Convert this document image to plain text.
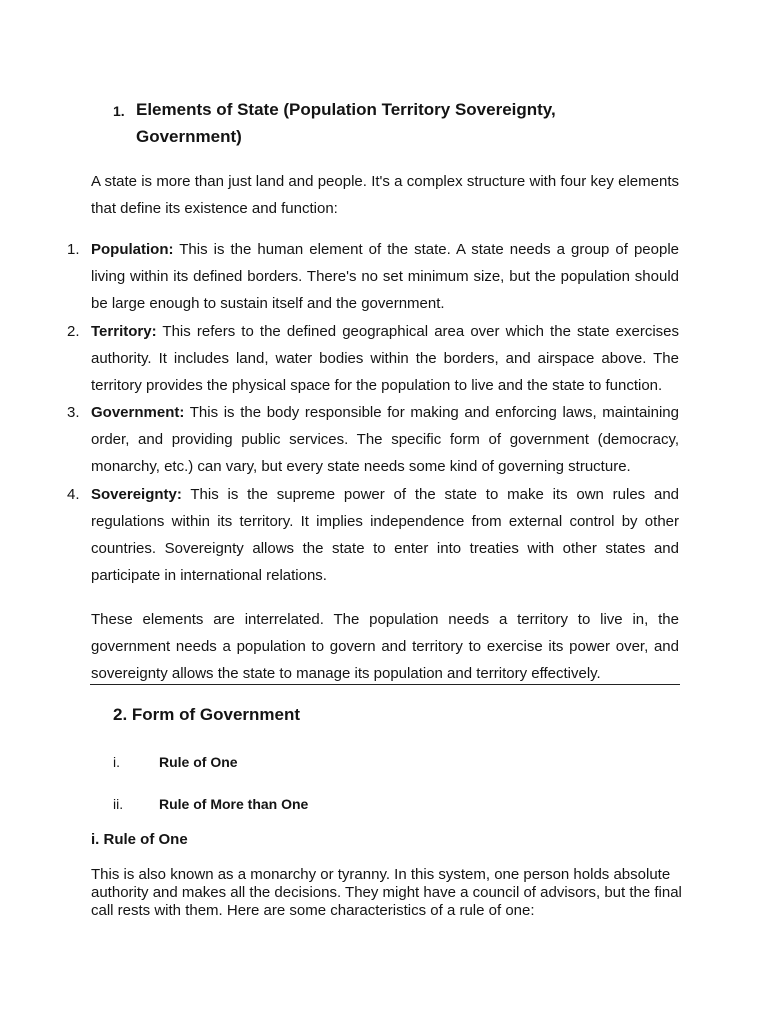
1. Elements of State (Population Territory Sovereignty,
Government)
A state is more than just land and people. It's a complex structure with four key elements that define its existence and function:
1. Population: This is the human element of the state. A state needs a group of people living within its defined borders. There's no set minimum size, but the population should be large enough to sustain itself and the government.
2. Territory: This refers to the defined geographical area over which the state exercises authority. It includes land, water bodies within the borders, and airspace above. The territory provides the physical space for the population to live and the state to function.
3. Government: This is the body responsible for making and enforcing laws, maintaining order, and providing public services. The specific form of government (democracy, monarchy, etc.) can vary, but every state needs some kind of governing structure.
4. Sovereignty: This is the supreme power of the state to make its own rules and regulations within its territory. It implies independence from external control by other countries. Sovereignty allows the state to enter into treaties with other states and participate in international relations.
These elements are interrelated. The population needs a territory to live in, the government needs a population to govern and territory to exercise its power over, and sovereignty allows the state to manage its population and territory effectively.
2. Form of Government
i.	Rule of One
ii.	Rule of More than One
i. Rule of One
This is also known as a monarchy or tyranny. In this system, one person holds absolute authority and makes all the decisions. They might have a council of advisors, but the final call rests with them. Here are some characteristics of a rule of one:
